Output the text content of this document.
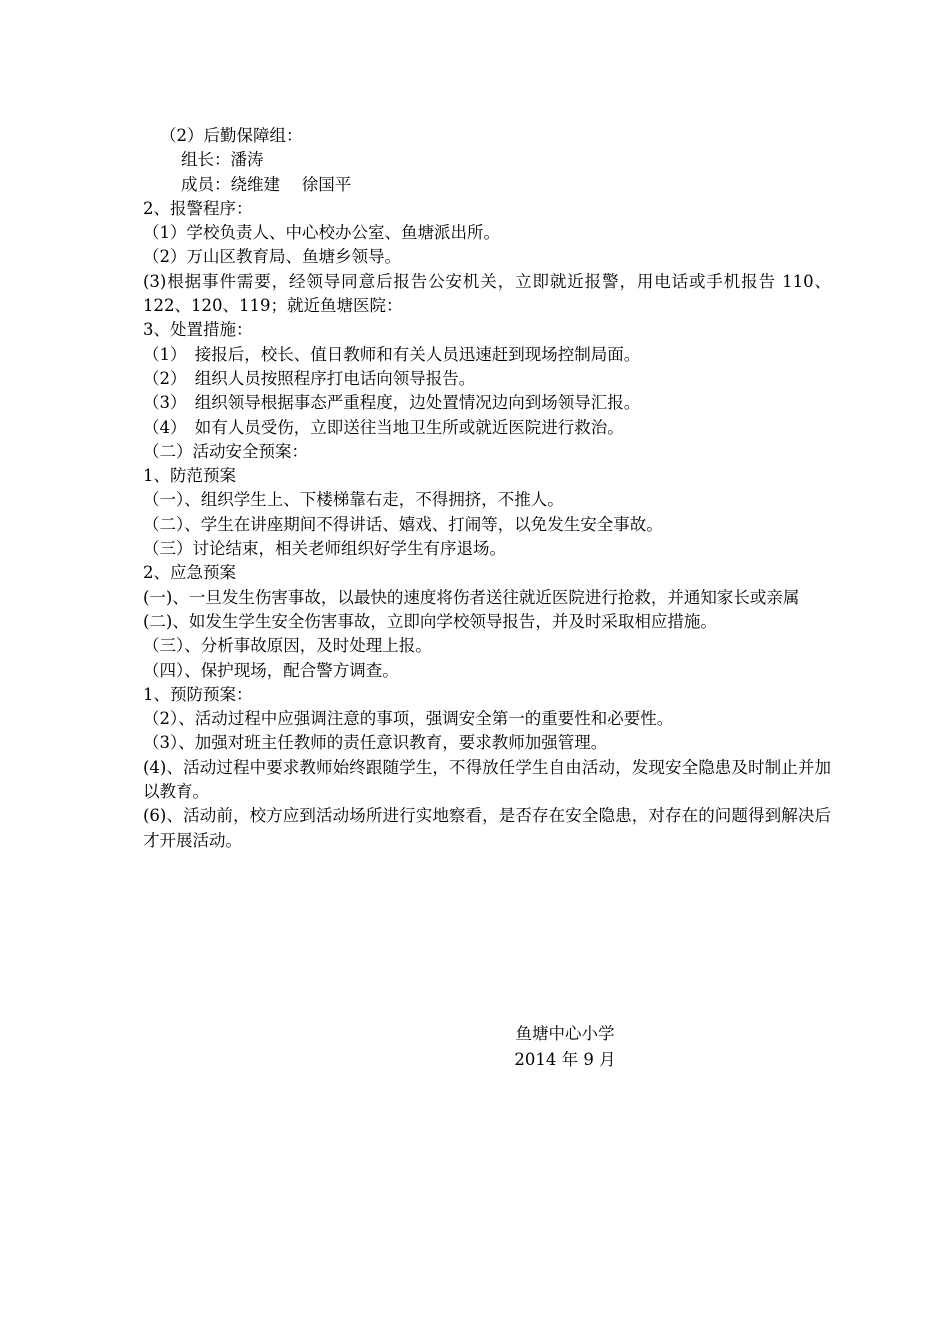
（2）后勤保障组：
组长：潘涛
成员：绕维建　 徐国平
2、报警程序：
（1）学校负责人、中心校办公室、鱼塘派出所。
（2）万山区教育局、鱼塘乡领导。
(3)根据事件需要，经领导同意后报告公安机关，立即就近报警，用电话或手机报告 110、122、120、119；就近鱼塘医院：
3、处置措施：
（1）　接报后，校长、值日教师和有关人员迅速赶到现场控制局面。
（2）　组织人员按照程序打电话向领导报告。
（3）　组织领导根据事态严重程度，边处置情况边向到场领导汇报。
（4）　如有人员受伤，立即送往当地卫生所或就近医院进行救治。
（二）活动安全预案：
1、防范预案
（一）、组织学生上、下楼梯靠右走，不得拥挤，不推人。
（二）、学生在讲座期间不得讲话、嬉戏、打闹等，以免发生安全事故。
（三）讨论结束，相关老师组织好学生有序退场。
2、应急预案
(一)、一旦发生伤害事故，以最快的速度将伤者送往就近医院进行抢救，并通知家长或亲属
(二)、如发生学生安全伤害事故，立即向学校领导报告，并及时采取相应措施。
（三）、分析事故原因，及时处理上报。
（四）、保护现场，配合警方调查。
1、预防预案：
（2）、活动过程中应强调注意的事项，强调安全第一的重要性和必要性。
（3）、加强对班主任教师的责任意识教育，要求教师加强管理。
(4)、活动过程中要求教师始终跟随学生，不得放任学生自由活动，发现安全隐患及时制止并加以教育。
(6)、活动前，校方应到活动场所进行实地察看，是否存在安全隐患，对存在的问题得到解决后才开展活动。
鱼塘中心小学
2014 年 9 月
